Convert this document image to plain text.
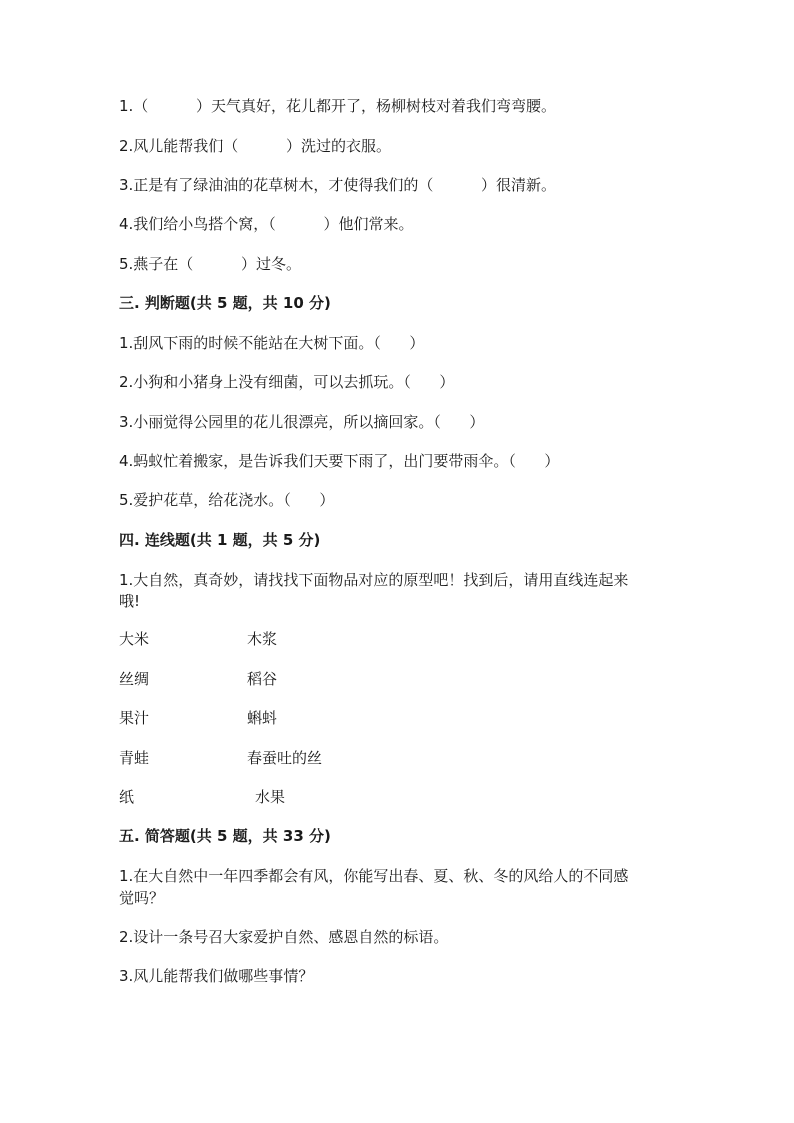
1.（          ）天气真好，花儿都开了，杨柳树枝对着我们弯弯腰。
2.风儿能帮我们（          ）洗过的衣服。
3.正是有了绿油油的花草树木，才使得我们的（          ）很清新。
4.我们给小鸟搭个窝，（          ）他们常来。
5.燕子在（          ）过冬。
三. 判断题(共 5 题，共 10 分)
1.刮风下雨的时候不能站在大树下面。（      ）
2.小狗和小猪身上没有细菌，可以去抓玩。（      ）
3.小丽觉得公园里的花儿很漂亮，所以摘回家。（      ）
4.蚂蚁忙着搬家，是告诉我们天要下雨了，出门要带雨伞。（      ）
5.爱护花草，给花浇水。（      ）
四. 连线题(共 1 题，共 5 分)
1.大自然，真奇妙，请找找下面物品对应的原型吧！找到后，请用直线连起来
哦!
大米	木浆
丝绸	稻谷
果汁	蝌蚪
青蛙	春蚕吐的丝
纸	水果
五. 简答题(共 5 题，共 33 分)
1.在大自然中一年四季都会有风，你能写出春、夏、秋、冬的风给人的不同感
觉吗？
2.设计一条号召大家爱护自然、感恩自然的标语。
3.风儿能帮我们做哪些事情？
